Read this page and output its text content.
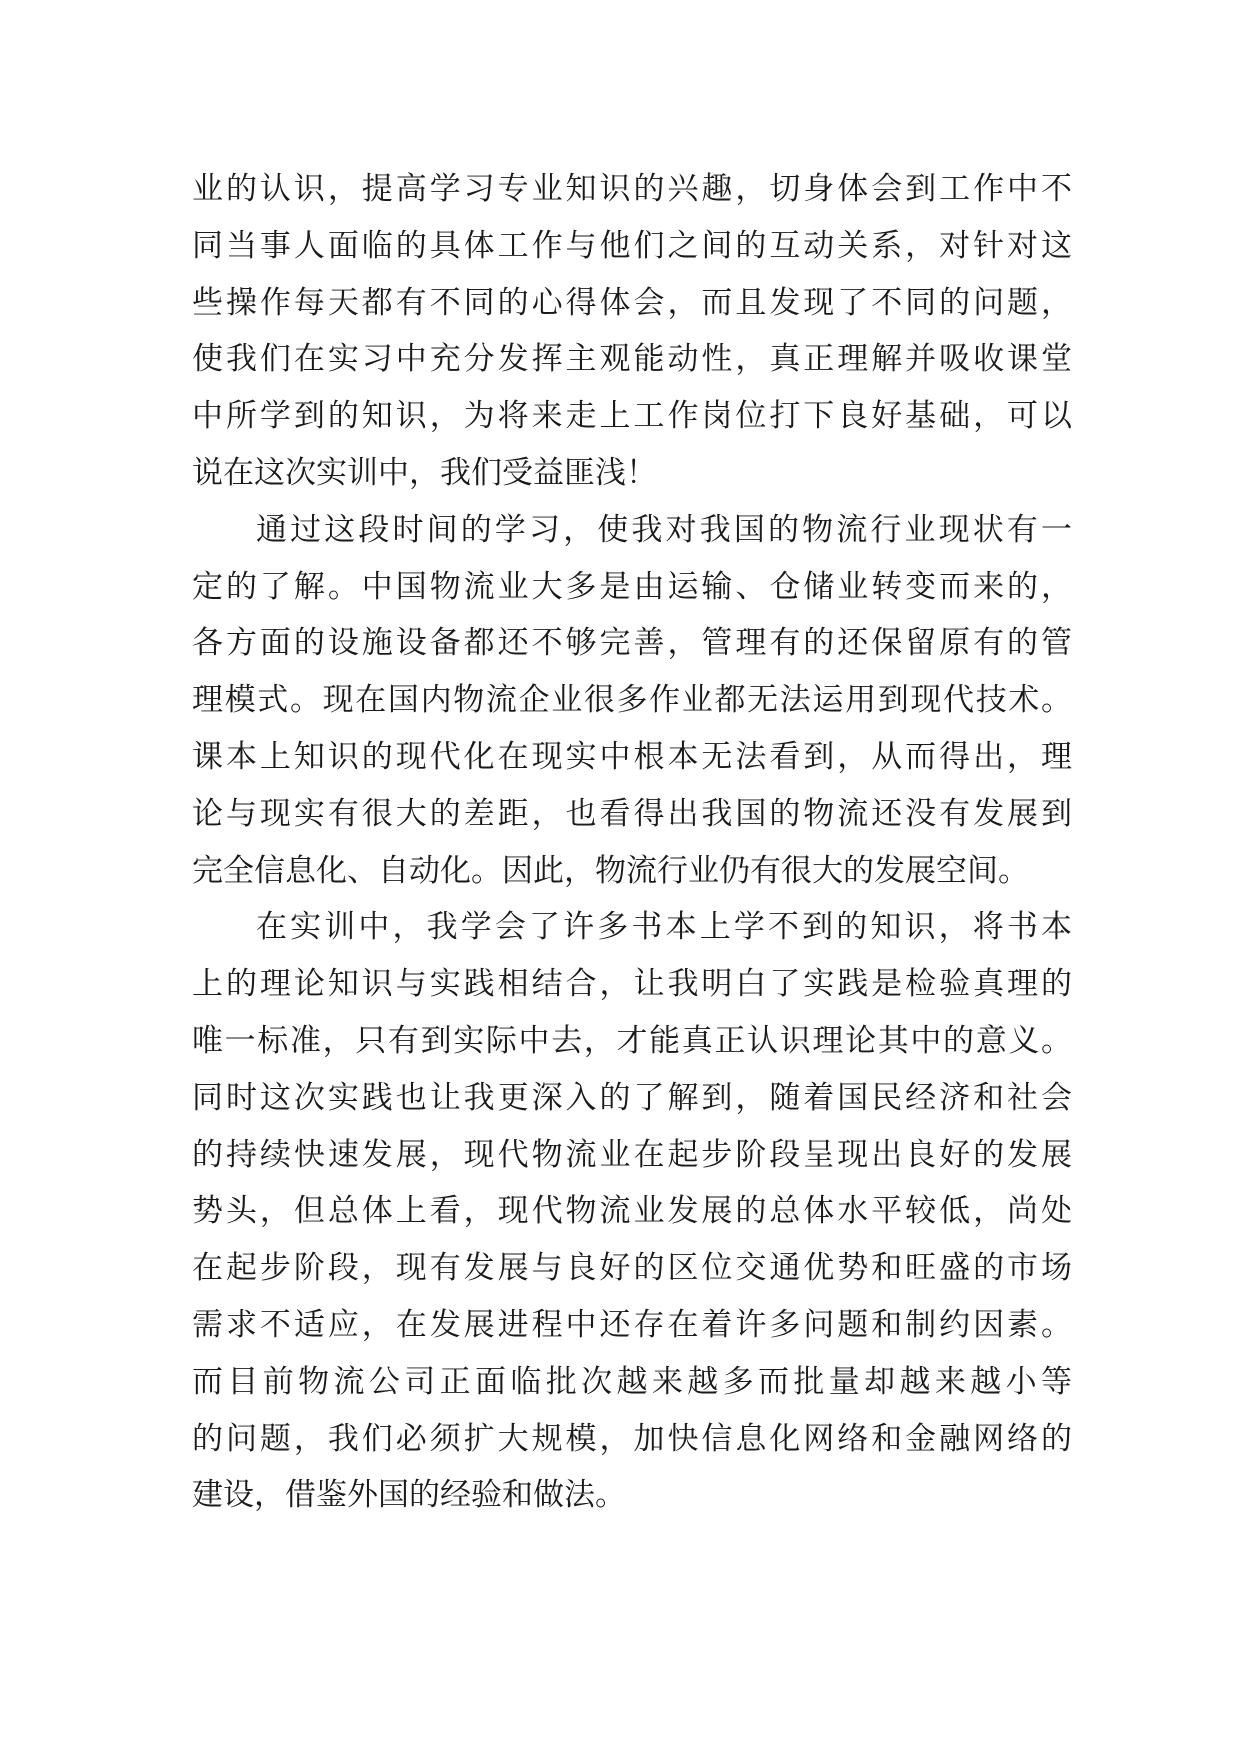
业的认识，提高学习专业知识的兴趣，切身体会到工作中不
同当事人面临的具体工作与他们之间的互动关系，对针对这
些操作每天都有不同的心得体会，而且发现了不同的问题，
使我们在实习中充分发挥主观能动性，真正理解并吸收课堂
中所学到的知识，为将来走上工作岗位打下良好基础，可以
说在这次实训中，我们受益匪浅！
通过这段时间的学习，使我对我国的物流行业现状有一
定的了解。中国物流业大多是由运输、仓储业转变而来的，
各方面的设施设备都还不够完善，管理有的还保留原有的管
理模式。现在国内物流企业很多作业都无法运用到现代技术。
课本上知识的现代化在现实中根本无法看到，从而得出，理
论与现实有很大的差距，也看得出我国的物流还没有发展到
完全信息化、自动化。因此，物流行业仍有很大的发展空间。
在实训中，我学会了许多书本上学不到的知识，将书本
上的理论知识与实践相结合，让我明白了实践是检验真理的
唯一标准，只有到实际中去，才能真正认识理论其中的意义。
同时这次实践也让我更深入的了解到，随着国民经济和社会
的持续快速发展，现代物流业在起步阶段呈现出良好的发展
势头，但总体上看，现代物流业发展的总体水平较低，尚处
在起步阶段，现有发展与良好的区位交通优势和旺盛的市场
需求不适应，在发展进程中还存在着许多问题和制约因素。
而目前物流公司正面临批次越来越多而批量却越来越小等
的问题，我们必须扩大规模，加快信息化网络和金融网络的
建设，借鉴外国的经验和做法。
